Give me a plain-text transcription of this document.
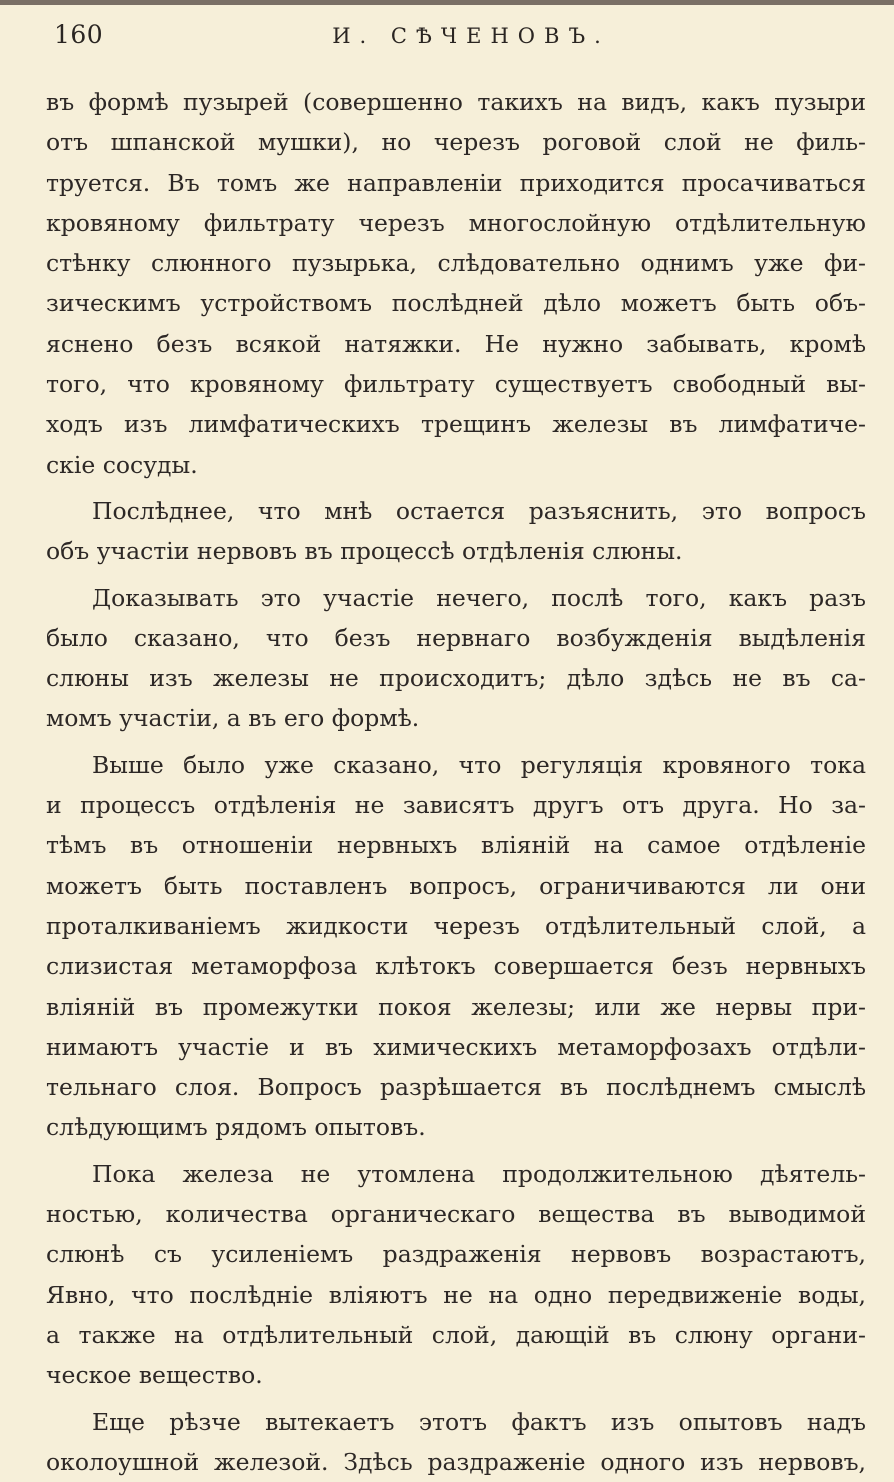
160	И. СѢЧЕНОВЪ.
въ формѣ пузырей (совершенно такихъ на видъ, какъ пузыри
отъ шпанской мушки), но черезъ роговой слой не филь-
труется. Въ томъ же направленіи приходится просачиваться
кровяному фильтрату черезъ многослойную отдѣлительную
стѣнку слюнного пузырька, слѣдовательно однимъ уже фи-
зическимъ устройствомъ послѣдней дѣло можетъ быть объ-
яснено безъ всякой натяжки. Не нужно забывать, кромѣ
того, что кровяному фильтрату существуетъ свободный вы-
ходъ изъ лимфатическихъ трещинъ железы въ лимфатиче-
скіе сосуды.
Послѣднее, что мнѣ остается разъяснить, это вопросъ
объ участіи нервовъ въ процессѣ отдѣленія слюны.
Доказывать это участіе нечего, послѣ того, какъ разъ
было сказано, что безъ нервнаго возбужденія выдѣленія
слюны изъ железы не происходитъ; дѣло здѣсь не въ са-
момъ участіи, а въ его формѣ.
Выше было уже сказано, что регуляція кровяного тока
и процессъ отдѣленія не зависятъ другъ отъ друга. Но за-
тѣмъ въ отношеніи нервныхъ вліяній на самое отдѣленіе
можетъ быть поставленъ вопросъ, ограничиваются ли они
проталкиваніемъ жидкости черезъ отдѣлительный слой, а
слизистая метаморфоза клѣтокъ совершается безъ нервныхъ
вліяній въ промежутки покоя железы; или же нервы при-
нимаютъ участіе и въ химическихъ метаморфозахъ отдѣли-
тельнаго слоя. Вопросъ разрѣшается въ послѣднемъ смыслѣ
слѣдующимъ рядомъ опытовъ.
Пока железа не утомлена продолжительною дѣятель-
ностью, количества органическаго вещества въ выводимой
слюнѣ съ усиленіемъ раздраженія нервовъ возрастаютъ,
Явно, что послѣдніе вліяютъ не на одно передвиженіе воды,
а также на отдѣлительный слой, дающій въ слюну органи-
ческое вещество.
Еще рѣзче вытекаетъ этотъ фактъ изъ опытовъ надъ
околоушной железой. Здѣсь раздраженіе одного изъ нервовъ,
